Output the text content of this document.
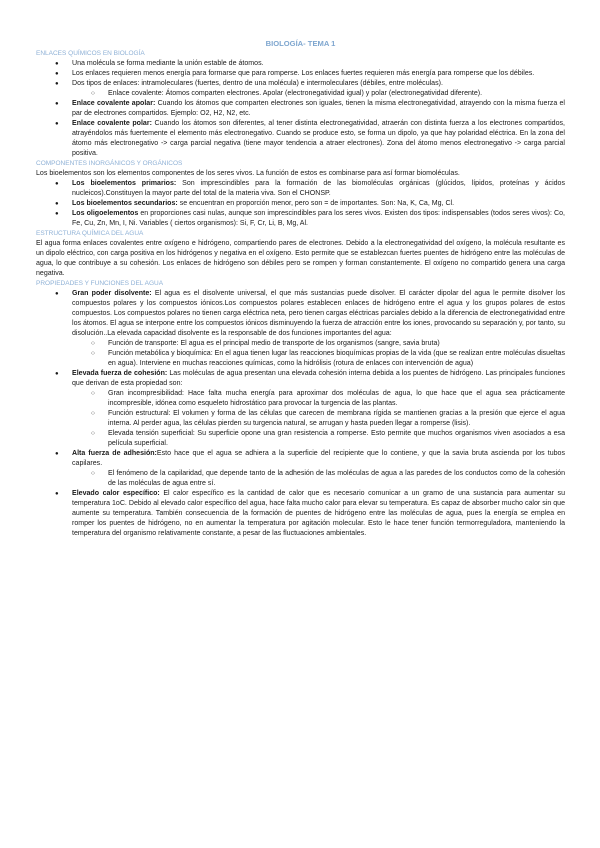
BIOLOGÍA- TEMA 1
ENLACES QUÍMICOS EN BIOLOGÍA
● Una molécula se forma mediante la unión estable de átomos.
● Los enlaces requieren menos energía para formarse que para romperse. Los enlaces fuertes requieren más energía para romperse que los débiles.
● Dos tipos de enlaces: intramoleculares (fuertes, dentro de una molécula) e intermoleculares (débiles, entre moléculas).
○ Enlace covalente: Átomos comparten electrones. Apolar (electronegatividad igual) y polar (electronegatividad diferente).
● Enlace covalente apolar: Cuando los átomos que comparten electrones son iguales, tienen la misma electronegatividad, atrayendo con la misma fuerza el par de electrones compartidos. Ejemplo: O2, H2, N2, etc.
● Enlace covalente polar: Cuando los átomos son diferentes, al tener distinta electronegatividad, atraerán con distinta fuerza a los electrones compartidos, atrayéndolos más fuertemente el elemento más electronegativo. Cuando se produce esto, se forma un dipolo, ya que hay polaridad eléctrica. En la zona del átomo más electronegativo -> carga parcial negativa (tiene mayor tendencia a atraer electrones). Zona del átomo menos electronegativo -> carga parcial positiva.
COMPONENTES INORGÁNICOS Y ORGÁNICOS

Los bioelementos son los elementos componentes de los seres vivos. La función de estos es combinarse para así formar biomoléculas.

● Los bioelementos primarios: Son imprescindibles para la formación de las biomoléculas orgánicas (glúcidos, lípidos, proteínas y ácidos nucleicos).Constituyen la mayor parte del total de la materia viva. Son el CHONSP.
● Los bioelementos secundarios: se encuentran en proporción menor, pero son = de importantes. Son: Na, K, Ca, Mg, Cl.
● Los oligoelementos en proporciones casi nulas, aunque son imprescindibles para los seres vivos. Existen dos tipos: indispensables (todos seres vivos): Co, Fe, Cu, Zn, Mn, I, Ni. Variables ( ciertos organismos): Si, F, Cr, Li, B, Mg, Al.
ESTRUCTURA QUÍMICA DEL AGUA

El agua forma enlaces covalentes entre oxígeno e hidrógeno, compartiendo pares de electrones. Debido a la electronegatividad del oxígeno, la molécula resultante es un dipolo eléctrico, con carga positiva en los hidrógenos y negativa en el oxígeno. Esto permite que se establezcan fuertes puentes de hidrógeno entre las moléculas de agua, lo que contribuye a su cohesión. Los enlaces de hidrógeno son débiles pero se rompen y forman constantemente. El oxígeno no compartido genera una carga negativa.

PROPIEDADES Y FUNCIONES DEL AGUA
● Gran poder disolvente: El agua es el disolvente universal, el que más sustancias puede disolver. El carácter dipolar del agua le permite disolver los compuestos polares y los compuestos iónicos.Los compuestos polares establecen enlaces de hidrógeno entre el agua y los grupos polares de estos compuestos. Los compuestos polares no tienen carga eléctrica neta, pero tienen cargas eléctricas parciales debido a la diferencia de electronegatividad entre los átomos. El agua se interpone entre los compuestos iónicos disminuyendo la fuerza de atracción entre los iones, provocando su separación y, por tanto, su disolución..La elevada capacidad disolvente es la responsable de dos funciones importantes del agua:
○ Función de transporte: El agua es el principal medio de transporte de los organismos (sangre, savia bruta)
○ Función metabólica y bioquímica: En el agua tienen lugar las reacciones bioquímicas propias de la vida (que se realizan entre moléculas disueltas en agua). Interviene en muchas reacciones químicas, como la hidrólisis (rotura de enlaces con intervención de agua)
● Elevada fuerza de cohesión: Las moléculas de agua presentan una elevada cohesión interna debida a los puentes de hidrógeno. Las principales funciones que derivan de esta propiedad son:
○ Gran incompresibilidad: Hace falta mucha energía para aproximar dos moléculas de agua, lo que hace que el agua sea prácticamente incompresible, idónea como esqueleto hidrostático para provocar la turgencia de las plantas.
○ Función estructural: El volumen y forma de las células que carecen de membrana rígida se mantienen gracias a la presión que ejerce el agua interna. Al perder agua, las células pierden su turgencia natural, se arrugan y hasta pueden llegar a romperse (lisis).
○ Elevada tensión superficial: Su superficie opone una gran resistencia a romperse. Esto permite que muchos organismos viven asociados a esa película superficial.
● Alta fuerza de adhesión:Esto hace que el agua se adhiera a la superficie del recipiente que lo contiene, y que la savia bruta ascienda por los tubos capilares.
○ El fenómeno de la capilaridad, que depende tanto de la adhesión de las moléculas de agua a las paredes de los conductos como de la cohesión de las moléculas de agua entre sí.
● Elevado calor específico: El calor específico es la cantidad de calor que es necesario comunicar a un gramo de una sustancia para aumentar su temperatura 1oC. Debido al elevado calor específico del agua, hace falta mucho calor para elevar su temperatura. Es capaz de absorber mucho calor sin que aumente su temperatura. También consecuencia de la formación de puentes de hidrógeno entre las moléculas de agua, pues la energía se emplea en romper los puentes de hidrógeno, no en aumentar la temperatura por agitación molecular. Esto le hace tener función termorreguladora, manteniendo la temperatura del organismo relativamente constante, a pesar de las fluctuaciones ambientales.
